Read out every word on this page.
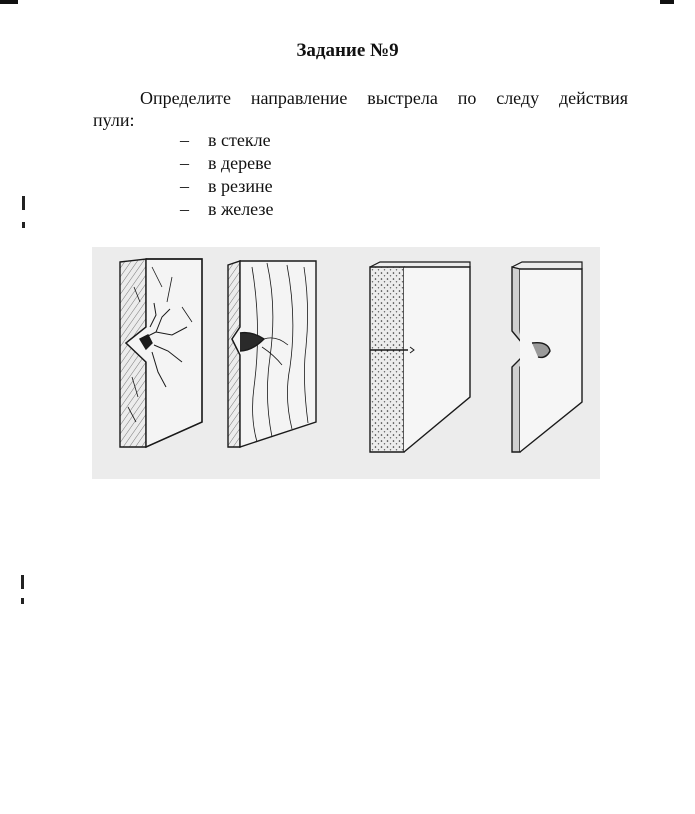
Задание №9
Определите направление выстрела по следу действия
пули:
–	в стекле
–	в дереве
–	в резине
–	в железе
